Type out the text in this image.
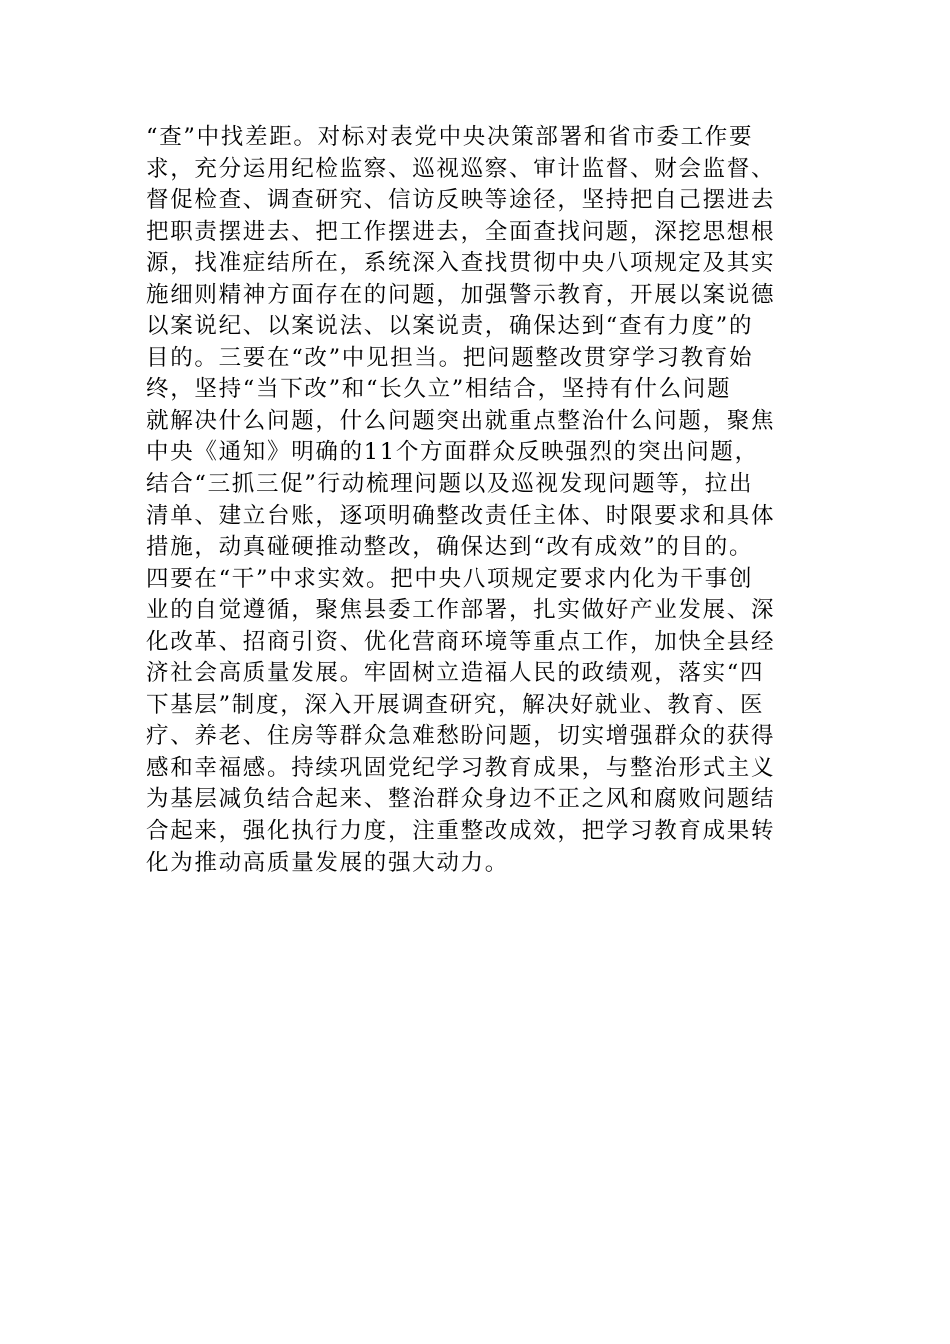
“查”中找差距。对标对表党中央决策部署和省市委工作要
求，充分运用纪检监察、巡视巡察、审计监督、财会监督、
督促检查、调查研究、信访反映等途径，坚持把自己摆进去
把职责摆进去、把工作摆进去，全面查找问题，深挖思想根
源，找准症结所在，系统深入查找贯彻中央八项规定及其实
施细则精神方面存在的问题，加强警示教育，开展以案说德
以案说纪、以案说法、以案说责，确保达到“查有力度”的
目的。三要在“改”中见担当。把问题整改贯穿学习教育始
终，坚持“当下改”和“长久立”相结合，坚持有什么问题
就解决什么问题，什么问题突出就重点整治什么问题，聚焦
中央《通知》明确的11个方面群众反映强烈的突出问题，
结合“三抓三促”行动梳理问题以及巡视发现问题等，拉出
清单、建立台账，逐项明确整改责任主体、时限要求和具体
措施，动真碰硬推动整改，确保达到“改有成效”的目的。
四要在“干”中求实效。把中央八项规定要求内化为干事创
业的自觉遵循，聚焦县委工作部署，扎实做好产业发展、深
化改革、招商引资、优化营商环境等重点工作，加快全县经
济社会高质量发展。牢固树立造福人民的政绩观，落实“四
下基层”制度，深入开展调查研究，解决好就业、教育、医
疗、养老、住房等群众急难愁盼问题，切实增强群众的获得
感和幸福感。持续巩固党纪学习教育成果，与整治形式主义
为基层减负结合起来、整治群众身边不正之风和腐败问题结
合起来，强化执行力度，注重整改成效，把学习教育成果转
化为推动高质量发展的强大动力。
